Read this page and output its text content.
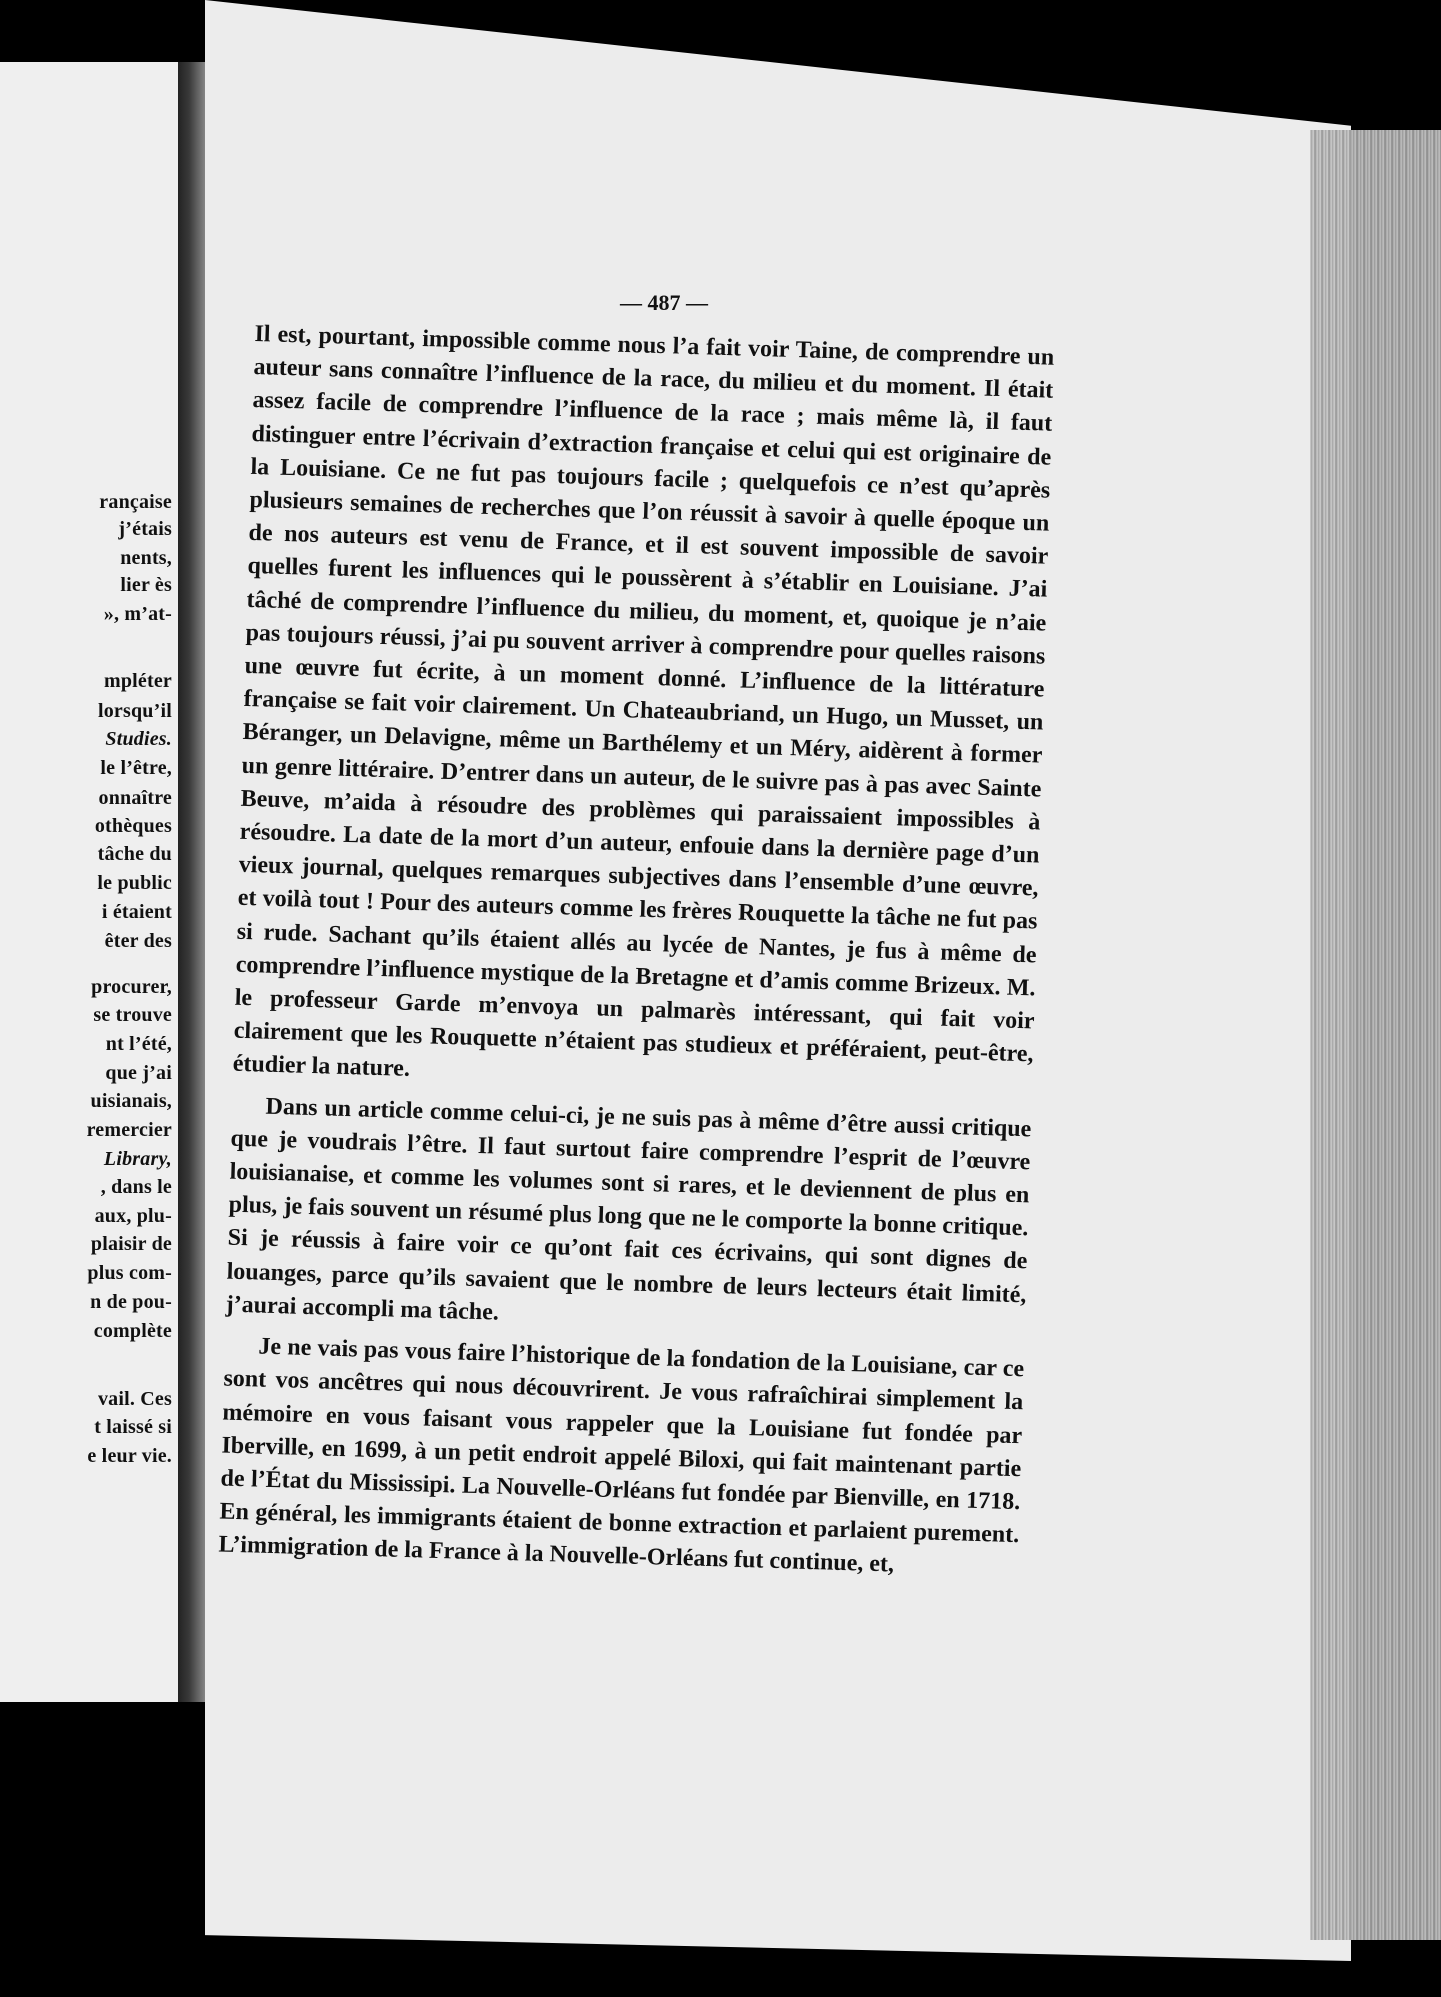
rançaise
j’étais
nents,
lier ès
», m’at-
mpléter
lorsqu’il
Studies.
le l’être,
onnaître
othèques
tâche du
le public
i étaient
êter des
procurer,
se trouve
nt l’été,
que j’ai
uisianais,
remercier
Library,
, dans le
aux, plu-
plaisir de
plus com-
n de pou-
complète
vail. Ces
t laissé si
e leur vie.
— 487 —

Il est, pourtant, impossible comme nous l’a fait voir Taine, de comprendre un auteur sans connaître l’influence de la race, du milieu et du moment. Il était assez facile de comprendre l’influence de la race ; mais même là, il faut distinguer entre l’écrivain d’extraction française et celui qui est originaire de la Louisiane. Ce ne fut pas toujours facile ; quelquefois ce n’est qu’après plusieurs semaines de recherches que l’on réussit à savoir à quelle époque un de nos auteurs est venu de France, et il est souvent impossible de savoir quelles furent les influences qui le poussèrent à s’établir en Louisiane. J’ai tâché de comprendre l’influence du milieu, du moment, et, quoique je n’aie pas toujours réussi, j’ai pu souvent arriver à comprendre pour quelles raisons une œuvre fut écrite, à un moment donné. L’influence de la littérature française se fait voir clairement. Un Chateaubriand, un Hugo, un Musset, un Béranger, un Delavigne, même un Barthélemy et un Méry, aidèrent à former un genre littéraire. D’entrer dans un auteur, de le suivre pas à pas avec Sainte Beuve, m’aida à résoudre des problèmes qui paraissaient impossibles à résoudre. La date de la mort d’un auteur, enfouie dans la dernière page d’un vieux journal, quelques remarques subjectives dans l’ensemble d’une œuvre, et voilà tout ! Pour des auteurs comme les frères Rouquette la tâche ne fut pas si rude. Sachant qu’ils étaient allés au lycée de Nantes, je fus à même de comprendre l’influence mystique de la Bretagne et d’amis comme Brizeux. M. le professeur Garde m’envoya un palmarès intéressant, qui fait voir clairement que les Rouquette n’étaient pas studieux et préféraient, peut-être, étudier la nature.

Dans un article comme celui-ci, je ne suis pas à même d’être aussi critique que je voudrais l’être. Il faut surtout faire comprendre l’esprit de l’œuvre louisianaise, et comme les volumes sont si rares, et le deviennent de plus en plus, je fais souvent un résumé plus long que ne le comporte la bonne critique. Si je réussis à faire voir ce qu’ont fait ces écrivains, qui sont dignes de louanges, parce qu’ils savaient que le nombre de leurs lecteurs était limité, j’aurai accompli ma tâche.

Je ne vais pas vous faire l’historique de la fondation de la Louisiane, car ce sont vos ancêtres qui nous découvrirent. Je vous rafraîchirai simplement la mémoire en vous faisant vous rappeler que la Louisiane fut fondée par Iberville, en 1699, à un petit endroit appelé Biloxi, qui fait maintenant partie de l’État du Mississipi. La Nouvelle-Orléans fut fondée par Bienville, en 1718. En général, les immigrants étaient de bonne extraction et parlaient purement. L’immigration de la France à la Nouvelle-Orléans fut continue, et,
